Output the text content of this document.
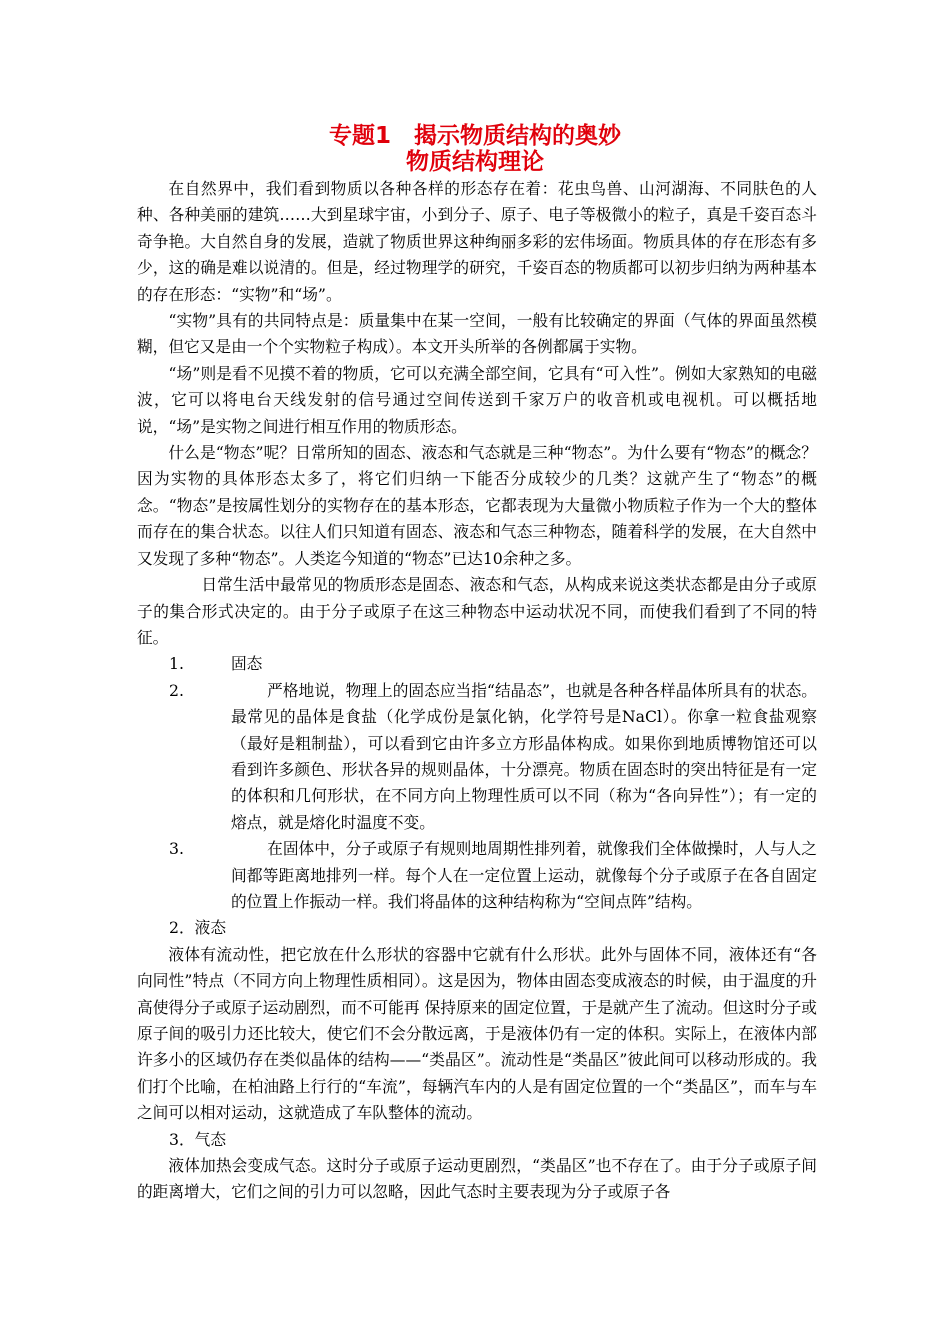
专题1　揭示物质结构的奥妙
物质结构理论

在自然界中，我们看到物质以各种各样的形态存在着：花虫鸟兽、山河湖海、不同肤色的人种、各种美丽的建筑……大到星球宇宙，小到分子、原子、电子等极微小的粒子，真是千姿百态斗奇争艳。大自然自身的发展，造就了物质世界这种绚丽多彩的宏伟场面。物质具体的存在形态有多少，这的确是难以说清的。但是，经过物理学的研究，千姿百态的物质都可以初步归纳为两种基本的存在形态：“实物”和“场”。

“实物”具有的共同特点是：质量集中在某一空间，一般有比较确定的界面（气体的界面虽然模糊，但它又是由一个个实物粒子构成）。本文开头所举的各例都属于实物。

“场”则是看不见摸不着的物质，它可以充满全部空间，它具有“可入性”。例如大家熟知的电磁波，它可以将电台天线发射的信号通过空间传送到千家万户的收音机或电视机。可以概括地说，“场”是实物之间进行相互作用的物质形态。

什么是“物态”呢？日常所知的固态、液态和气态就是三种“物态”。为什么要有“物态”的概念？因为实物的具体形态太多了，将它们归纳一下能否分成较少的几类？这就产生了“物态”的概念。“物态”是按属性划分的实物存在的基本形态，它都表现为大量微小物质粒子作为一个大的整体而存在的集合状态。以往人们只知道有固态、液态和气态三种物态，随着科学的发展，在大自然中又发现了多种“物态”。人类迄今知道的“物态”已达10余种之多。

日常生活中最常见的物质形态是固态、液态和气态，从构成来说这类状态都是由分子或原子的集合形式决定的。由于分子或原子在这三种物态中运动状况不同，而使我们看到了不同的特征。

1.	固态
2.	严格地说，物理上的固态应当指“结晶态”，也就是各种各样晶体所具有的状态。最常见的晶体是食盐（化学成份是氯化钠，化学符号是NaCl）。你拿一粒食盐观察（最好是粗制盐），可以看到它由许多立方形晶体构成。如果你到地质博物馆还可以看到许多颜色、形状各异的规则晶体，十分漂亮。物质在固态时的突出特征是有一定的体积和几何形状，在不同方向上物理性质可以不同（称为“各向异性”）；有一定的熔点，就是熔化时温度不变。
3.	在固体中，分子或原子有规则地周期性排列着，就像我们全体做操时，人与人之间都等距离地排列一样。每个人在一定位置上运动，就像每个分子或原子在各自固定的位置上作振动一样。我们将晶体的这种结构称为“空间点阵”结构。

2．液态

液体有流动性，把它放在什么形状的容器中它就有什么形状。此外与固体不同，液体还有“各向同性”特点（不同方向上物理性质相同）。这是因为，物体由固态变成液态的时候，由于温度的升高使得分子或原子运动剧烈，而不可能再 保持原来的固定位置，于是就产生了流动。但这时分子或原子间的吸引力还比较大，使它们不会分散远离，于是液体仍有一定的体积。实际上，在液体内部许多小的区域仍存在类似晶体的结构——“类晶区”。流动性是“类晶区”彼此间可以移动形成的。我们打个比喻，在柏油路上行行的“车流”，每辆汽车内的人是有固定位置的一个“类晶区”，而车与车之间可以相对运动，这就造成了车队整体的流动。

3．气态

液体加热会变成气态。这时分子或原子运动更剧烈，“类晶区”也不存在了。由于分子或原子间的距离增大，它们之间的引力可以忽略，因此气态时主要表现为分子或原子各
